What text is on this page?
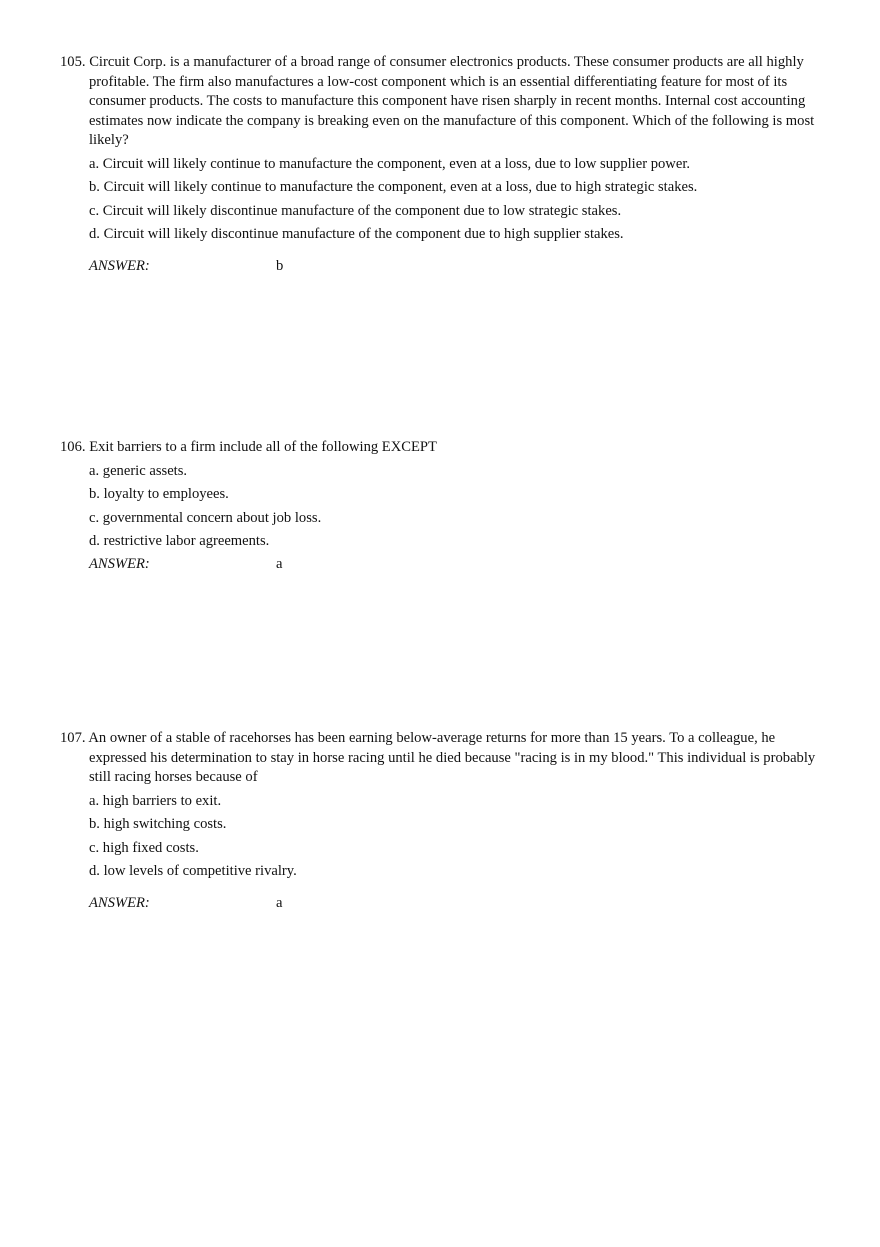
105. Circuit Corp. is a manufacturer of a broad range of consumer electronics products. These consumer products are all highly profitable. The firm also manufactures a low-cost component which is an essential differentiating feature for most of its consumer products. The costs to manufacture this component have risen sharply in recent months. Internal cost accounting estimates now indicate the company is breaking even on the manufacture of this component. Which of the following is most likely?

a. Circuit will likely continue to manufacture the component, even at a loss, due to low supplier power.

b. Circuit will likely continue to manufacture the component, even at a loss, due to high strategic stakes.

c. Circuit will likely discontinue manufacture of the component due to low strategic stakes.

d. Circuit will likely discontinue manufacture of the component due to high supplier stakes.

ANSWER:	b

106. Exit barriers to a firm include all of the following EXCEPT

a. generic assets.

b. loyalty to employees.

c. governmental concern about job loss.

d. restrictive labor agreements.

ANSWER:	a

107. An owner of a stable of racehorses has been earning below-average returns for more than 15 years. To a colleague, he expressed his determination to stay in horse racing until he died because "racing is in my blood." This individual is probably still racing horses because of

a. high barriers to exit.

b. high switching costs.

c. high fixed costs.

d. low levels of competitive rivalry.

ANSWER:	a
